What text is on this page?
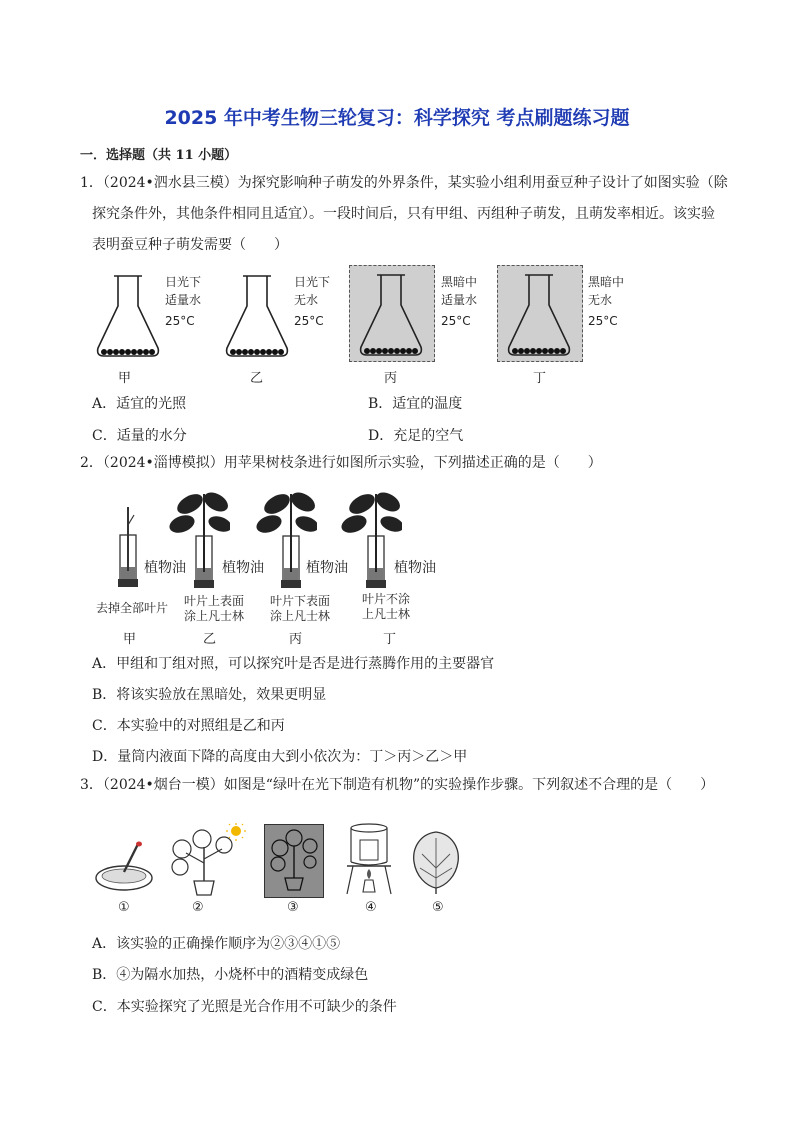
2025 年中考生物三轮复习：科学探究 考点刷题练习题
一．选择题（共 11 小题）
1．（2024•泗水县三模）为探究影响种子萌发的外界条件，某实验小组利用蚕豆种子设计了如图实验（除
探究条件外，其他条件相同且适宜）。一段时间后，只有甲组、丙组种子萌发，且萌发率相近。该实验
表明蚕豆种子萌发需要（　　）
日光下
适量水
25°C
甲
日光下
无水
25°C
乙
黑暗中
适量水
25°C
丙
黑暗中
无水
25°C
丁
A．适宜的光照	B．适宜的温度
C．适量的水分	D．充足的空气
2．（2024•淄博模拟）用苹果树枝条进行如图所示实验，下列描述正确的是（　　）
植物油
去掉全部叶片
甲
植物油
叶片上表面
涂上凡士林
乙
植物油
叶片下表面
涂上凡士林
丙
植物油
叶片不涂
上凡士林
丁
A．甲组和丁组对照，可以探究叶是否是进行蒸腾作用的主要器官
B．将该实验放在黑暗处，效果更明显
C．本实验中的对照组是乙和丙
D．量筒内液面下降的高度由大到小依次为：丁＞丙＞乙＞甲
3．（2024•烟台一模）如图是“绿叶在光下制造有机物”的实验操作步骤。下列叙述不合理的是（　　）
①	②	③	④	⑤
A．该实验的正确操作顺序为②③④①⑤
B．④为隔水加热，小烧杯中的酒精变成绿色
C．本实验探究了光照是光合作用不可缺少的条件
